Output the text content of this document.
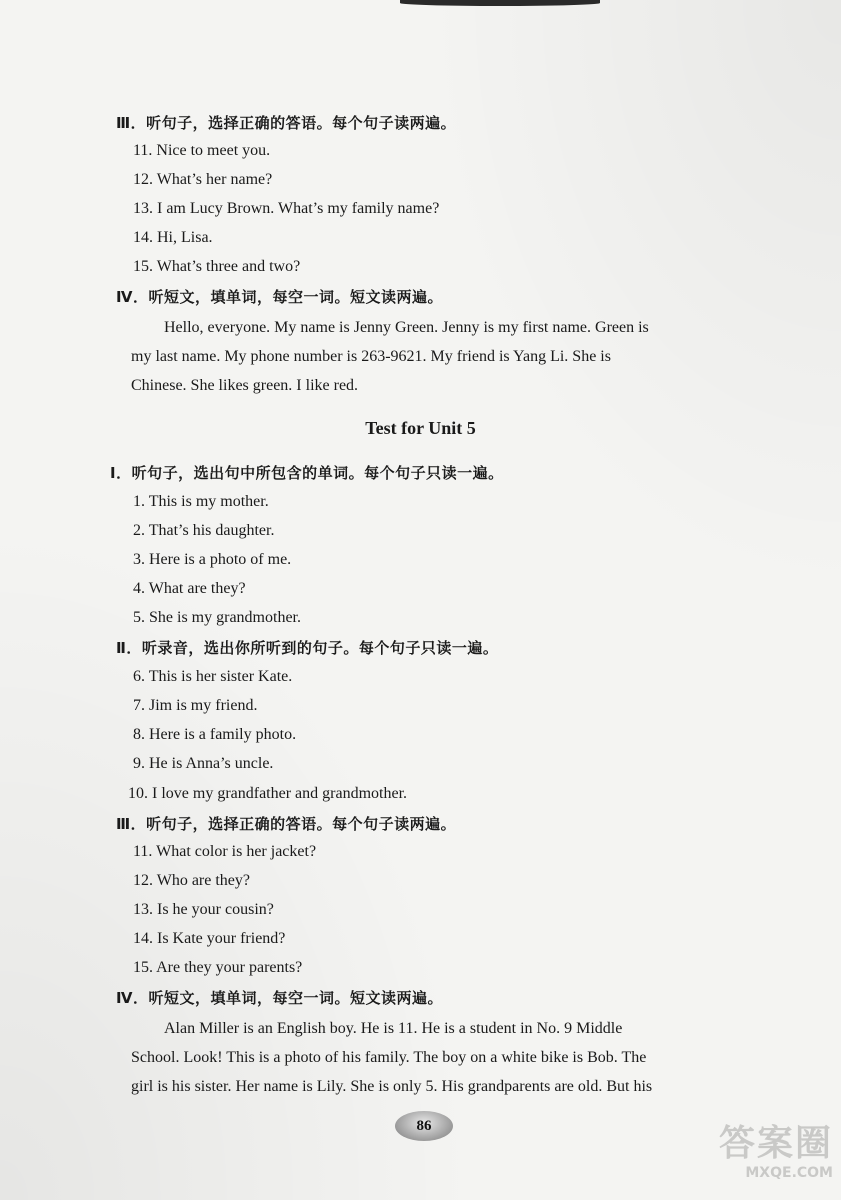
Ⅲ．听句子，选择正确的答语。每个句子读两遍。
11. Nice to meet you.
12. What’s her name?
13. I am Lucy Brown. What’s my family name?
14. Hi, Lisa.
15. What’s three and two?
Ⅳ．听短文，填单词，每空一词。短文读两遍。
Hello, everyone. My name is Jenny Green. Jenny is my first name. Green is
my last name. My phone number is 263-9621. My friend is Yang Li. She is
Chinese. She likes green. I like red.
Test for Unit 5
Ⅰ．听句子，选出句中所包含的单词。每个句子只读一遍。
1. This is my mother.
2. That’s his daughter.
3. Here is a photo of me.
4. What are they?
5. She is my grandmother.
Ⅱ．听录音，选出你所听到的句子。每个句子只读一遍。
6. This is her sister Kate.
7. Jim is my friend.
8. Here is a family photo.
9. He is Anna’s uncle.
10. I love my grandfather and grandmother.
Ⅲ．听句子，选择正确的答语。每个句子读两遍。
11. What color is her jacket?
12. Who are they?
13. Is he your cousin?
14. Is Kate your friend?
15. Are they your parents?
Ⅳ．听短文，填单词，每空一词。短文读两遍。
Alan Miller is an English boy. He is 11. He is a student in No. 9 Middle
School. Look! This is a photo of his family. The boy on a white bike is Bob. The
girl is his sister. Her name is Lily. She is only 5. His grandparents are old. But his
86	答案圈
MXQE.COM
